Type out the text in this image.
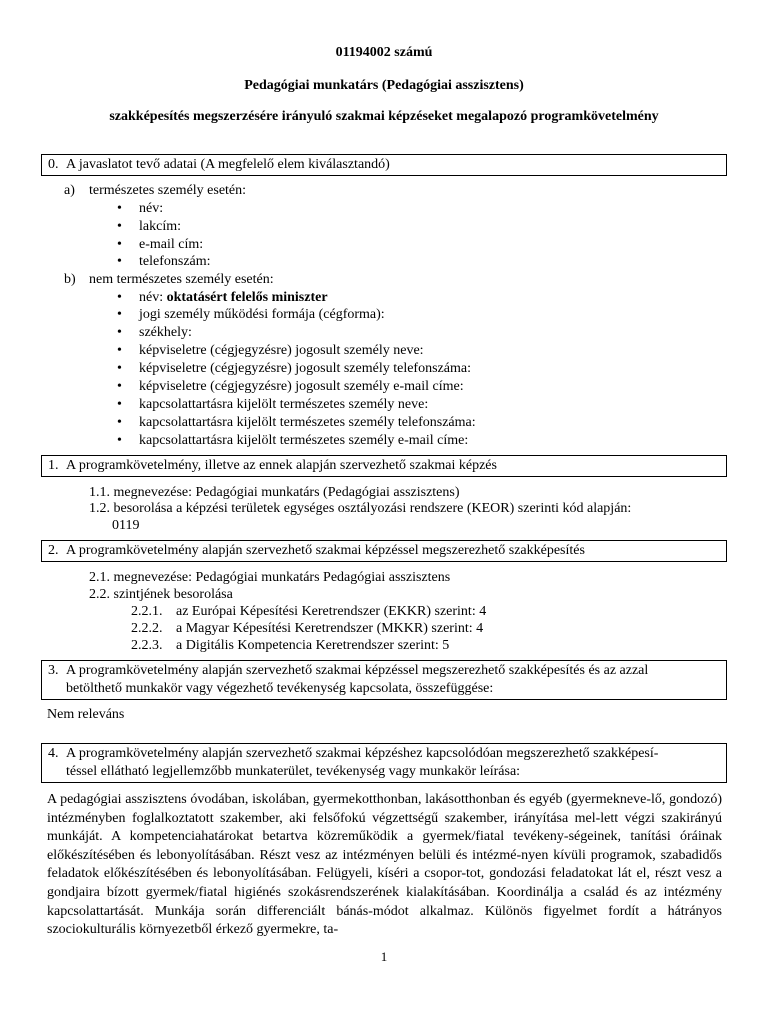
01194002 számú
Pedagógiai munkatárs (Pedagógiai asszisztens)
szakképesítés megszerzésére irányuló szakmai képzéseket megalapozó programkövetelmény
0. A javaslatot tevő adatai (A megfelelő elem kiválasztandó)
a) természetes személy esetén:
név:
lakcím:
e-mail cím:
telefonszám:
b) nem természetes személy esetén:
név: oktatásért felelős miniszter
jogi személy működési formája (cégforma):
székhely:
képviseletre (cégjegyzésre) jogosult személy neve:
képviseletre (cégjegyzésre) jogosult személy telefonszáma:
képviseletre (cégjegyzésre) jogosult személy e-mail címe:
kapcsolattartásra kijelölt természetes személy neve:
kapcsolattartásra kijelölt természetes személy telefonszáma:
kapcsolattartásra kijelölt természetes személy e-mail címe:
1. A programkövetelmény, illetve az ennek alapján szervezhető szakmai képzés
1.1. megnevezése: Pedagógiai munkatárs (Pedagógiai asszisztens)
1.2. besorolása a képzési területek egységes osztályozási rendszere (KEOR) szerinti kód alapján:
0119
2. A programkövetelmény alapján szervezhető szakmai képzéssel megszerezhető szakképesítés
2.1. megnevezése: Pedagógiai munkatárs Pedagógiai asszisztens
2.2. szintjének besorolása
2.2.1. az Európai Képesítési Keretrendszer (EKKR) szerint: 4
2.2.2. a Magyar Képesítési Keretrendszer (MKKR) szerint: 4
2.2.3. a Digitális Kompetencia Keretrendszer szerint: 5
3. A programkövetelmény alapján szervezhető szakmai képzéssel megszerezhető szakképesítés és az azzal
betölthető munkakör vagy végezhető tevékenység kapcsolata, összefüggése:
Nem releváns
4. A programkövetelmény alapján szervezhető szakmai képzéshez kapcsolódóan megszerezhető szakképesí-
téssel ellátható legjellemzőbb munkaterület, tevékenység vagy munkakör leírása:
A pedagógiai asszisztens óvodában, iskolában, gyermekotthonban, lakásotthonban és egyéb (gyermekneve-lő, gondozó) intézményben foglalkoztatott szakember, aki felsőfokú végzettségű szakember, irányítása mel-lett végzi szakirányú munkáját. A kompetenciahatárokat betartva közreműködik a gyermek/fiatal tevékeny-ségeinek, tanítási óráinak előkészítésében és lebonyolításában. Részt vesz az intézményen belüli és intézmé-nyen kívüli programok, szabadidős feladatok előkészítésében és lebonyolításában. Felügyeli, kíséri a csopor-tot, gondozási feladatokat lát el, részt vesz a gondjaira bízott gyermek/fiatal higiénés szokásrendszerének kialakításában. Koordinálja a család és az intézmény kapcsolattartását. Munkája során differenciált bánás-módot alkalmaz. Különös figyelmet fordít a hátrányos szociokulturális környezetből érkező gyermekre, ta-
1
